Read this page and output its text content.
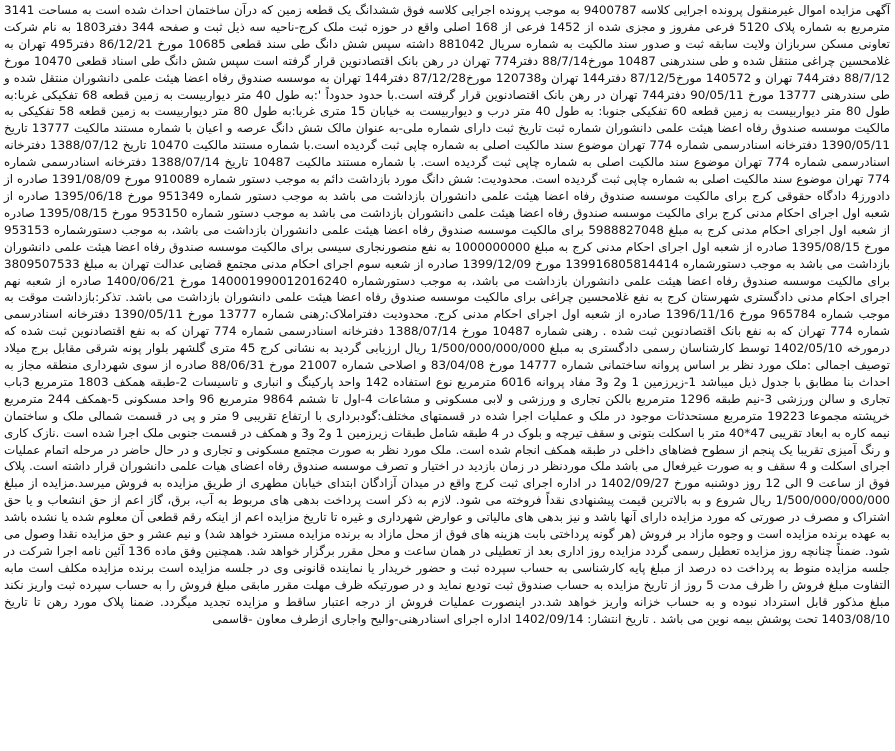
آگهی مزایده اموال غیرمنقول پرونده اجرایی کلاسه 9400787 به موجب پرونده اجرایی کلاسه فوق ششدانگ یک قطعه زمین که درآن ساختمان احداث شده است به مساحت 3141 مترمربع به شماره پلاک 5120 فرعی مفروز و مجزی شده از 1452 فرعی از 168 اصلی واقع در حوزه ثبت ملک کرج-ناحیه سه ذیل ثبت و صفحه 344 دفتر1803 به نام شرکت تعاونی مسکن سربازان ولایت سابقه ثبت و صدور سند مالکیت به شماره سریال 881042 داشته سپس شش دانگ طی سند قطعی 10685 مورخ 86/12/21 دفتر495 تهران به غلامحسین چراغی منتقل شده و طی سندرهنی 10487 مورخ88/7/14 دفتر774 تهران در رهن بانک اقتصادنوین قرار گرفته است سپس شش دانگ طی اسناد قطعی 10470 مورخ 88/7/12 دفتر744 تهران و 140572 مورخ87/12/5 دفتر144 تهران و120738 مورخ87/12/28 دفتر144 تهران به موسسه صندوق رفاه اعضا هیئت علمی دانشوران منتقل شده و طی سندرهنی 13777 مورخ 90/05/11 دفتر744 تهران در رهن بانک اقتصادنوین قرار گرفته است.با حدود حدوداً ':به طول 40 متر دیواربیست به زمین قطعه 68 تفکیکی غربا:به طول 80 متر دیواربیست به زمین قطعه 60 تفکیکی جنوبا: به طول 40 متر درب و دیواربیست به خیابان 15 متری غربا:به طول 80 متر دیواربیست به زمین قطعه 58 تفکیکی به مالکیت موسسه صندوق رفاه اعضا هیئت علمی دانشوران شماره ثبت تاریخ ثبت دارای شماره ملی-به عنوان مالک شش دانگ عرصه و اعیان با شماره مستند مالکیت 13777 تاریخ 1390/05/11 دفترخانه اسنادرسمی شماره 774 تهران موضوع سند مالکیت اصلی به شماره چاپی ثبت گردیده است.با شماره مستند مالکیت 10470 تاریخ 1388/07/12 دفترخانه اسنادرسمی شماره 774 تهران موضوع سند مالکیت اصلی به شماره چاپی ثبت گردیده است. با شماره مستند مالکیت 10487 تاریخ 1388/07/14 دفترخانه اسنادرسمی شماره 774 تهران موضوع سند مالکیت اصلی به شماره چاپی ثبت گردیده است. محدودیت: شش دانگ مورد بازداشت دائم به موجب دستور شماره 910089 مورخ 1391/08/09 صادره از دادورز4 دادگاه حقوقی کرج برای مالکیت موسسه صندوق رفاه اعضا هیئت علمی دانشوران بازداشت می باشد به موجب دستور شماره 951349 مورخ 1395/06/18 صادره از شعبه اول اجرای احکام مدنی کرج برای مالکیت موسسه صندوق رفاه اعضا هیئت علمی دانشوران بازداشت می باشد به موجب دستور شماره 953150 مورخ 1395/08/15 صادره از شعبه اول اجرای احکام مدنی کرج به مبلغ 5988827048 برای مالکیت موسسه صندوق رفاه اعضا هیئت علمی دانشوران بازداشت می باشد، به موجب دستورشماره 953153 مورخ 1395/08/15 صادره از شعبه اول اجرای احکام مدنی کرج به مبلغ 1000000000 به نفع منصورنجاری سیسی برای مالکیت موسسه صندوق رفاه اعضا هیئت علمی دانشوران بازداشت می باشد به موجب دستورشماره 139916805814414 مورخ 1399/12/09 صادره از شعبه سوم اجرای احکام مدنی مجتمع قضایی عدالت تهران به مبلغ 3809507533 برای مالکیت موسسه صندوق رفاه اعضا هیئت علمی دانشوران بازداشت می باشد، به موجب دستورشماره 140001990012016240 مورخ 1400/06/21 صادره از شعبه نهم اجرای احکام مدنی دادگستری شهرستان کرج به نفع غلامحسین چراغی برای مالکیت موسسه صندوق رفاه اعضا هیئت علمی دانشوران بازداشت می باشد. تذکر:بازداشت موقت به موجب شماره 965784 مورخ 1396/11/16 صادره از شعبه اول اجرای احکام مدنی کرج. محدودیت دفتراملاک:رهنی شماره 13777 مورخ 1390/05/11 دفترخانه اسنادرسمی شماره 774 تهران که به نفع بانک اقتصادنوین ثبت شده . رهنی شماره 10487 مورخ 1388/07/14 دفترخانه اسنادرسمی شماره 774 تهران که به نفع اقتصادنوین ثبت شده که درمورخه 1402/05/10 توسط کارشناسان رسمی دادگستری به مبلغ 1/500/000/000/000 ریال ارزیابی گردید به نشانی کرج 45 متری گلشهر بلوار پونه شرقی مقابل برج میلاد توصیف اجمالی :ملک مورد نظر بر اساس پروانه ساختمانی شماره 14777 مورخ 83/04/08 و اصلاحی شماره 21007 مورخ 88/06/31 صادره از سوی شهرداری منطقه مجاز به احداث بنا مطابق با جدول ذیل میباشد 1-زیرزمین 1 و2 و3 مفاد پروانه 6016 مترمربع نوع استفاده 142 واحد پارکینگ و انباری و تاسیسات 2-طبقه همکف 1803 مترمربع 3باب تجاری و سالن ورزشی 3-نیم طبقه 1296 مترمربع بالکن تجاری و ورزشی و لابی مسکونی و مشاعات 4-اول تا ششم 9864 مترمربع 96 واحد مسکونی 5-همکف 244 مترمربع خرپشته مجموعا 19223 مترمربع مستحدثات موجود در ملک و عملیات اجرا شده در قسمتهای مختلف:گودبرداری با ارتفاع تقریبی 9 متر و پی در قسمت شمالی ملک و ساختمان نیمه کاره به ابعاد تقریبی 47*40 متر با اسکلت بتونی و سقف تیرچه و بلوک در 4 طبقه شامل طبقات زیرزمین 1 و2 و3 و همکف در قسمت جنوبی ملک اجرا شده است .نازک کاری و رنگ آمیزی تقریبا یک پنجم از سطوح فضاهای داخلی در طبقه همکف انجام شده است. ملک مورد نظر به صورت مجتمع مسکونی و تجاری و در حال حاضر در مرحله اتمام عملیات اجرای اسکلت و 4 سقف و به صورت غیرفعال می باشد ملک موردنظر در زمان بازدید در اختیار و تصرف موسسه صندوق رفاه اعضای هیات علمی دانشوران قرار داشته است. پلاک فوق از ساعت 9 الی 12 روز دوشنبه مورخ 1402/09/27 در اداره اجرای ثبت کرج واقع در میدان آزادگان ابتدای خیابان مطهری از طریق مزایده به فروش میرسد.مزایده از مبلغ 1/500/000/000/000 ریال شروع و به بالاترین قیمت پیشنهادی نقداً فروخته می شود. لازم به ذکر است پرداخت بدهی های مربوط به آب، برق، گاز اعم از حق انشعاب و یا حق اشتراک و مصرف در صورتی که مورد مزایده دارای آنها باشد و نیز بدهی های مالیاتی و عوارض شهرداری و غیره تا تاریخ مزایده اعم از اینکه رقم قطعی آن معلوم شده یا نشده باشد به عهده برنده مزایده است و وجوه مازاد بر فروش (هر گونه پرداختی بابت هزینه های فوق از محل مازاد به برنده مزایده مسترد خواهد شد) و نیم عشر و حق مزایده نقدا وصول می شود. ضمناً چنانچه روز مزایده تعطیل رسمی گردد مزایده روز اداری بعد از تعطیلی در همان ساعت و محل مقرر برگزار خواهد شد. همچنین وفق ماده 136 آئین نامه اجرا شرکت در جلسه مزایده منوط به پرداخت ده درصد از مبلغ پایه کارشناسی به حساب سپرده ثبت و حضور خریدار یا نماینده قانونی وی در جلسه مزایده است برنده مزایده مکلف است مابه التفاوت مبلغ فروش را ظرف مدت 5 روز از تاریخ مزایده به حساب صندوق ثبت تودیع نماید و در صورتیکه ظرف مهلت مقرر مابقی مبلغ فروش را به حساب سپرده ثبت واریز نکند مبلغ مذکور قابل استرداد نبوده و به حساب خزانه واریز خواهد شد.در اینصورت عملیات فروش از درجه اعتبار ساقط و مزایده تجدید میگردد. ضمنا پلاک مورد رهن تا تاریخ 1403/08/10 تحت پوشش بیمه نوین می باشد . تاریخ انتشار: 1402/09/14 اداره اجرای اسنادرهنی-والیح واجاری ازطرف معاون -قاسمی
